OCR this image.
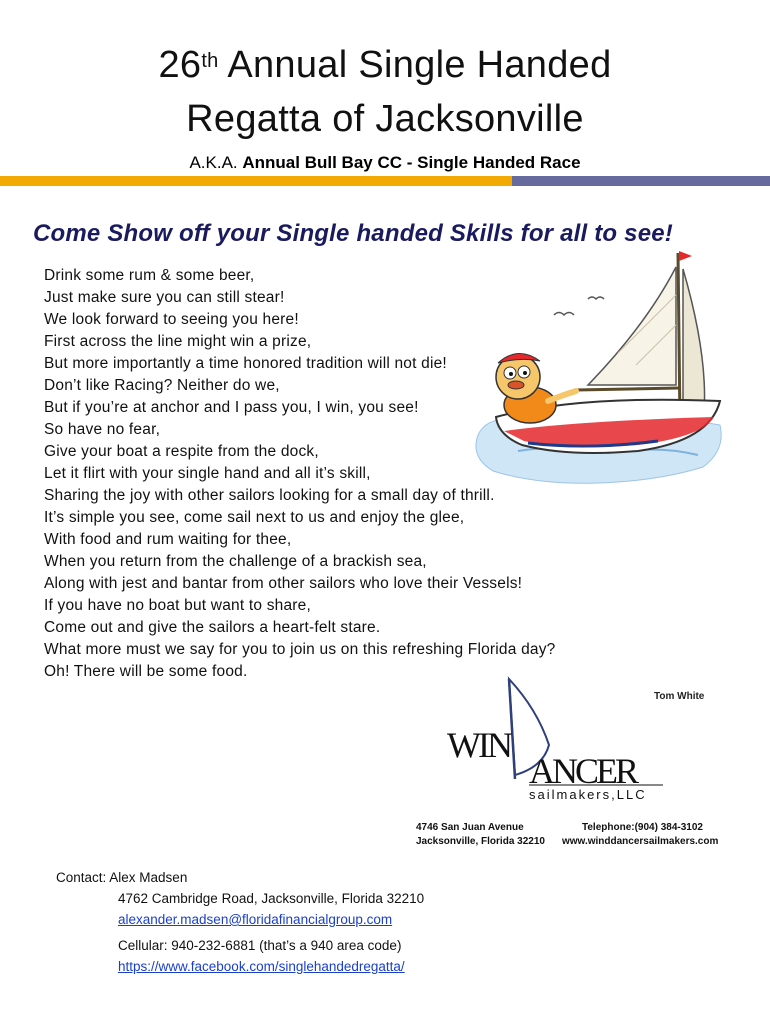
26th Annual Single Handed
Regatta of Jacksonville
A.K.A. Annual Bull Bay CC - Single Handed Race
Come Show off your Single handed Skills for all to see!
Drink some rum & some beer,
Just make sure you can still stear!
We look forward to seeing you here!
First across the line might win a prize,
But more importantly a time honored tradition will not die!
Don’t like Racing? Neither do we,
But if you’re at anchor and I pass you, I win, you see!
So have no fear,
Give your boat a respite from the dock,
Let it flirt with your single hand and all it’s skill,
Sharing the joy with other sailors looking for a small day of thrill.
It’s simple you see, come sail next to us and enjoy the glee,
With food and rum waiting for thee,
When you return from the challenge of a brackish sea,
Along with jest and bantar from other sailors who love their Vessels!
If you have no boat but want to share,
Come out and give the sailors a heart-felt stare.
What more must we say for you to join us on this refreshing Florida day?
Oh! There will be some food.
WIN
ANCER
sailmakers,LLC
Tom White
4746 San Juan Avenue
Jacksonville, Florida 32210
Telephone:(904) 384-3102
www.winddancersailmakers.com
Contact: Alex Madsen
4762 Cambridge Road, Jacksonville, Florida 32210
alexander.madsen@floridafinancialgroup.com
Cellular: 940-232-6881 (that’s a 940 area code)
https://www.facebook.com/singlehandedregatta/
